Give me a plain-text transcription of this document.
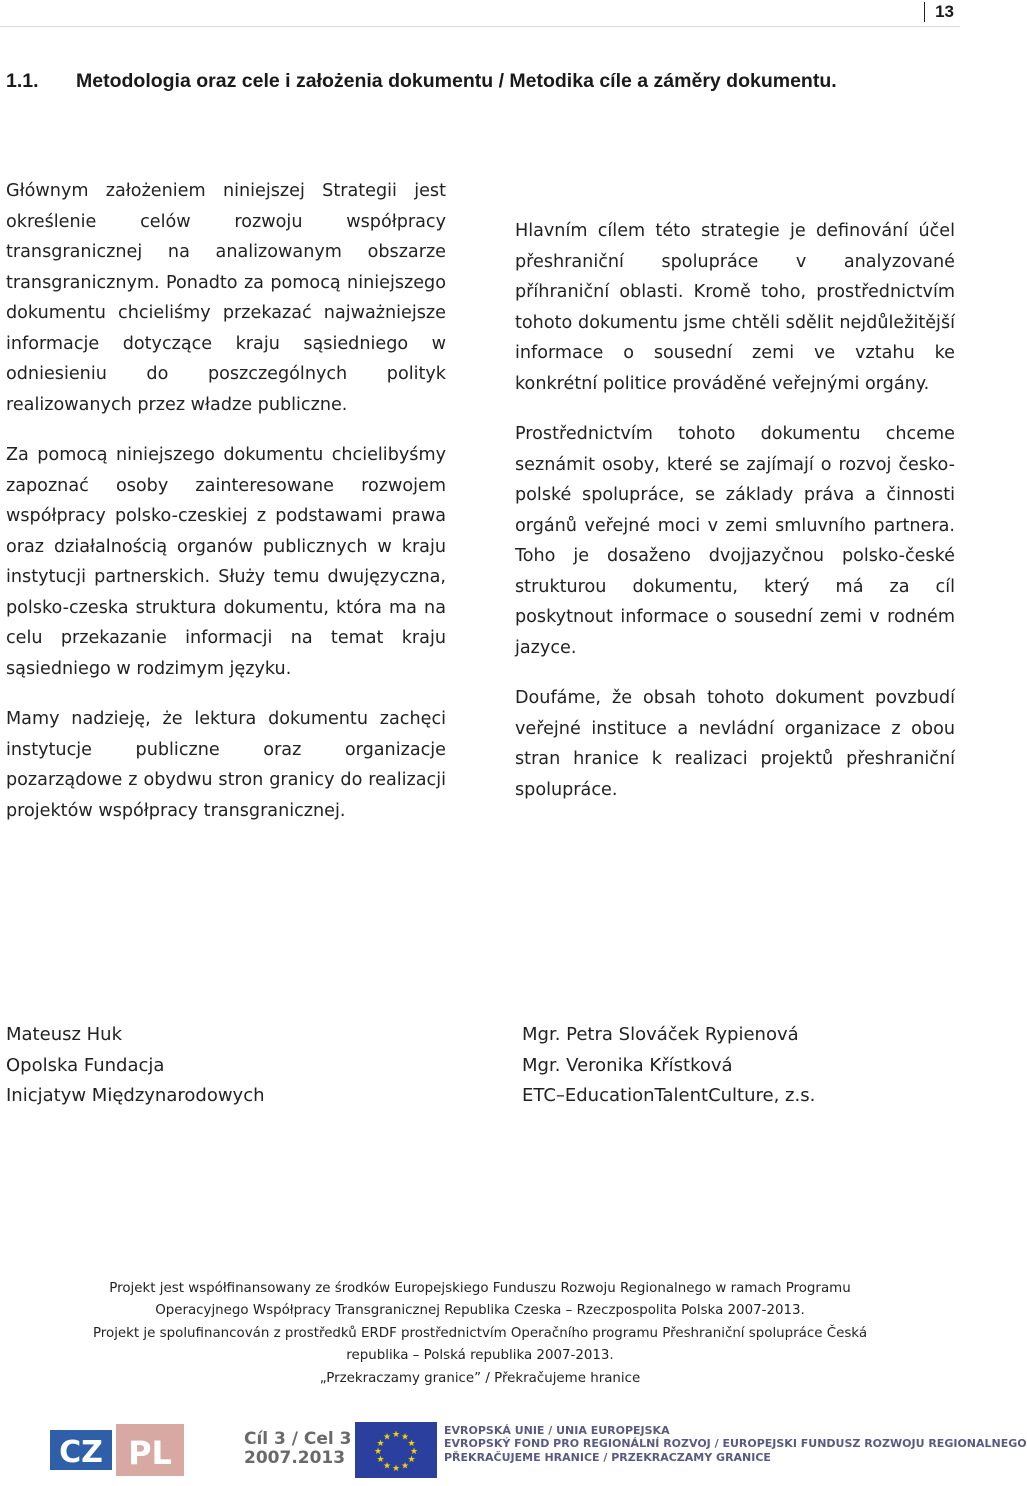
13
1.1. Metodologia oraz cele i założenia dokumentu / Metodika cíle a záměry dokumentu.

Głównym założeniem niniejszej Strategii jest określenie celów rozwoju współpracy transgranicznej na analizowanym obszarze transgranicznym. Ponadto za pomocą niniejszego dokumentu chcieliśmy przekazać najważniejsze informacje dotyczące kraju sąsiedniego w odniesieniu do poszczególnych polityk realizowanych przez władze publiczne.

Za pomocą niniejszego dokumentu chcielibyśmy zapoznać osoby zainteresowane rozwojem współpracy polsko-czeskiej z podstawami prawa oraz działalnością organów publicznych w kraju instytucji partnerskich. Służy temu dwujęzyczna, polsko-czeska struktura dokumentu, która ma na celu przekazanie informacji na temat kraju sąsiedniego w rodzimym języku.

Mamy nadzieję, że lektura dokumentu zachęci instytucje publiczne oraz organizacje pozarządowe z obydwu stron granicy do realizacji projektów współpracy transgranicznej.

Hlavním cílem této strategie je definování účel přeshraniční spolupráce v analyzované příhraniční oblasti. Kromě toho, prostřednictvím tohoto dokumentu jsme chtěli sdělit nejdůležitější informace o sousední zemi ve vztahu ke konkrétní politice prováděné veřejnými orgány.

Prostřednictvím tohoto dokumentu chceme seznámit osoby, které se zajímají o rozvoj česko-polské spolupráce, se základy práva a činnosti orgánů veřejné moci v zemi smluvního partnera. Toho je dosaženo dvojjazyčnou polsko-české strukturou dokumentu, který má za cíl poskytnout informace o sousední zemi v rodném jazyce.

Doufáme, že obsah tohoto dokument povzbudí veřejné instituce a nevládní organizace z obou stran hranice k realizaci projektů přeshraniční spolupráce.

Mateusz Huk
Opolska Fundacja
Inicjatyw Międzynarodowych
Mgr. Petra Slováček Rypienová
Mgr. Veronika Křístková
ETC–EducationTalentCulture, z.s.
Projekt jest współfinansowany ze środków Europejskiego Funduszu Rozwoju Regionalnego w ramach Programu
Operacyjnego Współpracy Transgranicznej Republika Czeska – Rzeczpospolita Polska 2007-2013.
Projekt je spolufinancován z prostředků ERDF prostřednictvím Operačního programu Přeshraniční spolupráce Česká
republika – Polská republika 2007-2013.
„Przekraczamy granice” / Překračujeme hranice
CZ PL	Cíl 3 / Cel 3
2007.2013
★ ★
★
★
★
★
★
★
★
★
★
★
EVROPSKÁ UNIE / UNIA EUROPEJSKA
EVROPSKÝ FOND PRO REGIONÁLNÍ ROZVOJ / EUROPEJSKI FUNDUSZ ROZWOJU REGIONALNEGO
PŘEKRAČUJEME HRANICE / PRZEKRACZAMY GRANICE
